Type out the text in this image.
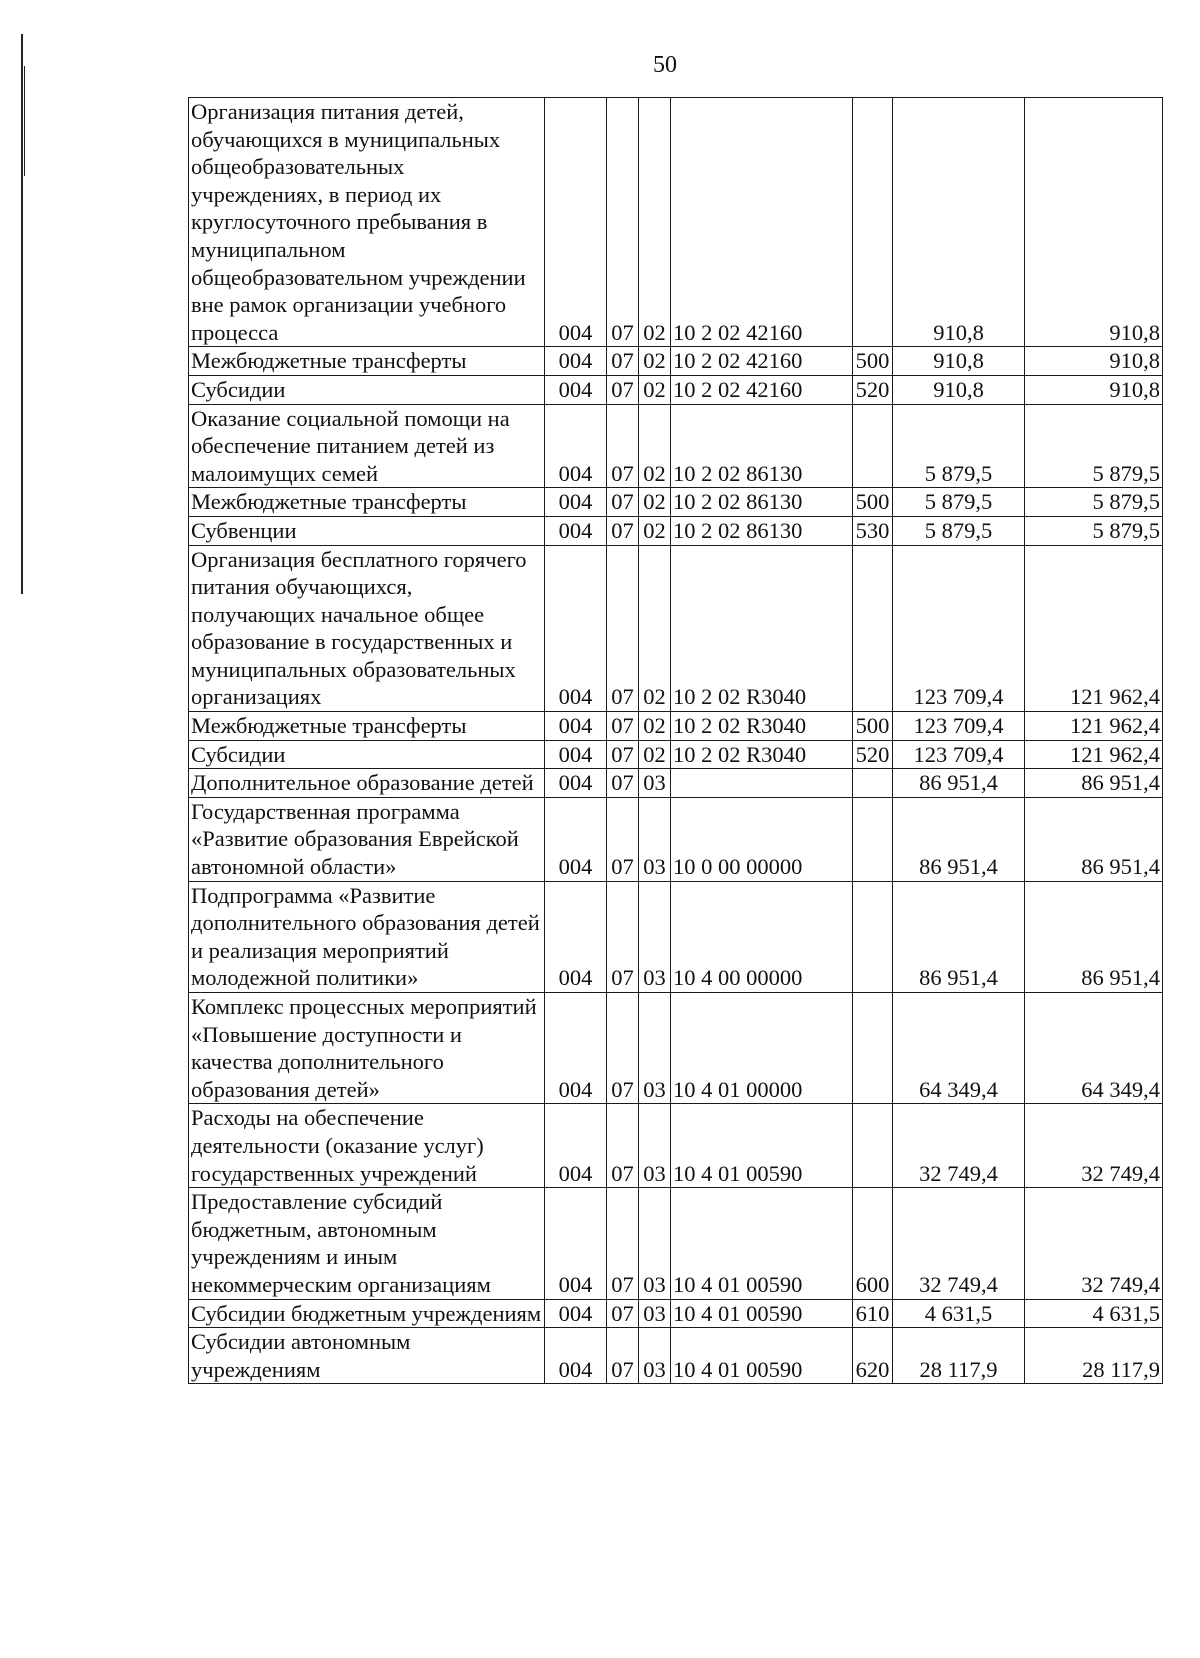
50
Организация питания детей, обучающихся в муниципальных общеобразовательных учреждениях, в период их круглосуточного пребывания в муниципальном общеобразовательном учреждении вне рамок организации учебного процесса	004	07	02	10 2 02 42160		910,8	910,8
Межбюджетные трансферты	004	07	02	10 2 02 42160	500	910,8	910,8
Субсидии	004	07	02	10 2 02 42160	520	910,8	910,8
Оказание социальной помощи на обеспечение питанием детей из малоимущих семей	004	07	02	10 2 02 86130		5 879,5	5 879,5
Межбюджетные трансферты	004	07	02	10 2 02 86130	500	5 879,5	5 879,5
Субвенции	004	07	02	10 2 02 86130	530	5 879,5	5 879,5
Организация бесплатного горячего питания обучающихся, получающих начальное общее образование в государственных и муниципальных образовательных организациях	004	07	02	10 2 02 R3040		123 709,4	121 962,4
Межбюджетные трансферты	004	07	02	10 2 02 R3040	500	123 709,4	121 962,4
Субсидии	004	07	02	10 2 02 R3040	520	123 709,4	121 962,4
Дополнительное образование детей	004	07	03			86 951,4	86 951,4
Государственная программа «Развитие образования Еврейской автономной области»	004	07	03	10 0 00 00000		86 951,4	86 951,4
Подпрограмма «Развитие дополнительного образования детей и реализация мероприятий молодежной политики»	004	07	03	10 4 00 00000		86 951,4	86 951,4
Комплекс процессных мероприятий «Повышение доступности и качества дополнительного образования детей»	004	07	03	10 4 01 00000		64 349,4	64 349,4
Расходы на обеспечение деятельности (оказание услуг) государственных учреждений	004	07	03	10 4 01 00590		32 749,4	32 749,4
Предоставление субсидий бюджетным, автономным учреждениям и иным некоммерческим организациям	004	07	03	10 4 01 00590	600	32 749,4	32 749,4
Субсидии бюджетным учреждениям	004	07	03	10 4 01 00590	610	4 631,5	4 631,5
Субсидии автономным учреждениям	004	07	03	10 4 01 00590	620	28 117,9	28 117,9
